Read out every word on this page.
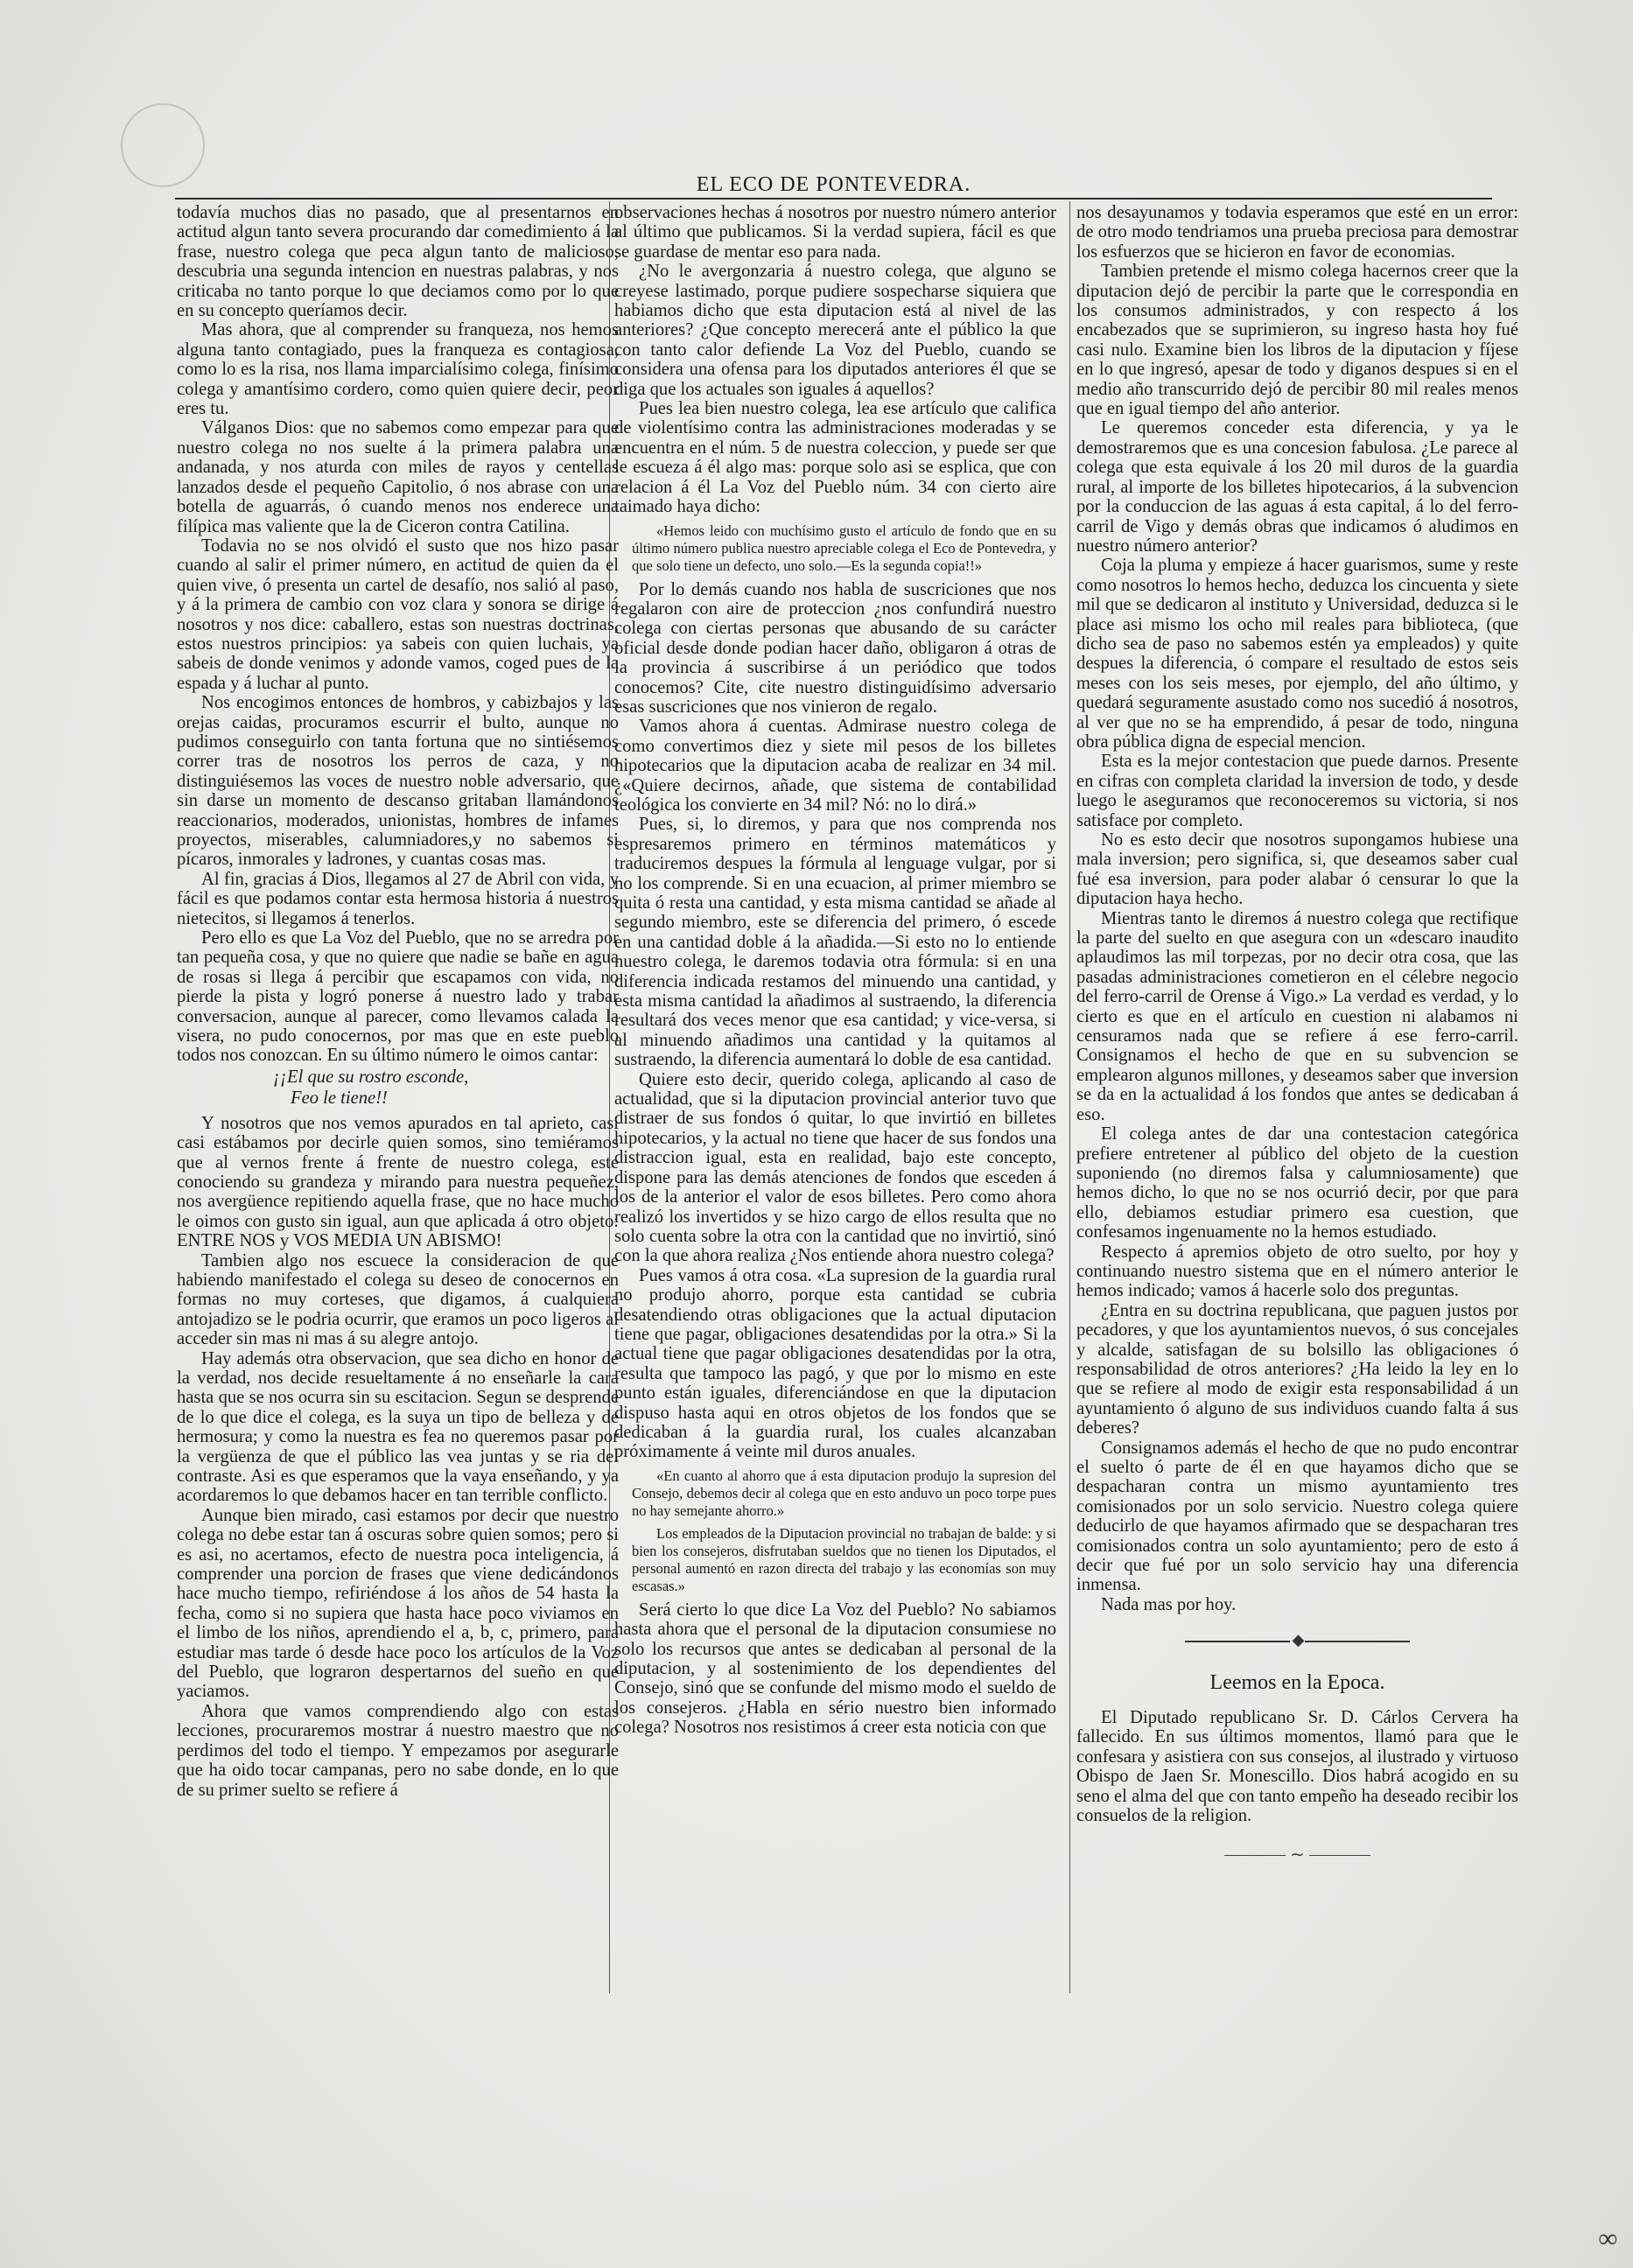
EL ECO DE PONTEVEDRA.

todavía muchos dias no pasado, que al presentarnos en actitud algun tanto severa procurando dar comedimiento á la frase, nuestro colega que peca algun tanto de malicioso, descubria una segunda intencion en nuestras palabras, y nos criticaba no tanto porque lo que deciamos como por lo que en su concepto queríamos decir.

Mas ahora, que al comprender su franqueza, nos hemos alguna tanto contagiado, pues la franqueza es contagiosa, como lo es la risa, nos llama imparcialísimo colega, finísimo colega y amantísimo cordero, como quien quiere decir, peor eres tu.

Válganos Dios: que no sabemos como empezar para que nuestro colega no nos suelte á la primera palabra una andanada, y nos aturda con miles de rayos y centellas lanzados desde el pequeño Capitolio, ó nos abrase con una botella de aguarrás, ó cuando menos nos enderece una filípica mas valiente que la de Ciceron contra Catilina.

Todavia no se nos olvidó el susto que nos hizo pasar cuando al salir el primer número, en actitud de quien da el quien vive, ó presenta un cartel de desafío, nos salió al paso, y á la primera de cambio con voz clara y sonora se dirige á nosotros y nos dice: caballero, estas son nuestras doctrinas, estos nuestros principios: ya sabeis con quien luchais, ya sabeis de donde venimos y adonde vamos, coged pues de la espada y á luchar al punto.

Nos encogimos entonces de hombros, y cabizbajos y las orejas caidas, procuramos escurrir el bulto, aunque no pudimos conseguirlo con tanta fortuna que no sintiésemos correr tras de nosotros los perros de caza, y no distinguiésemos las voces de nuestro noble adversario, que sin darse un momento de descanso gritaban llamándonos reaccionarios, moderados, unionistas, hombres de infames proyectos, miserables, calumniadores,y no sabemos si pícaros, inmorales y ladrones, y cuantas cosas mas.

Al fin, gracias á Dios, llegamos al 27 de Abril con vida, y fácil es que podamos contar esta hermosa historia á nuestros nietecitos, si llegamos á tenerlos.

Pero ello es que La Voz del Pueblo, que no se arredra por tan pequeña cosa, y que no quiere que nadie se bañe en agua de rosas si llega á percibir que escapamos con vida, no pierde la pista y logró ponerse á nuestro lado y trabar conversacion, aunque al parecer, como llevamos calada la visera, no pudo conocernos, por mas que en este pueblo todos nos conozcan. En su último número le oimos cantar:

¡¡El que su rostro esconde,

Feo le tiene!!

Y nosotros que nos vemos apurados en tal aprieto, casi casi estábamos por decirle quien somos, sino temiéramos que al vernos frente á frente de nuestro colega, este conociendo su grandeza y mirando para nuestra pequeñez, nos avergüence repitiendo aquella frase, que no hace mucho le oimos con gusto sin igual, aun que aplicada á otro objeto: ENTRE NOS y VOS MEDIA UN ABISMO!

Tambien algo nos escuece la consideracion de que habiendo manifestado el colega su deseo de conocernos en formas no muy corteses, que digamos, á cualquiera antojadizo se le podria ocurrir, que eramos un poco ligeros al acceder sin mas ni mas á su alegre antojo.

Hay además otra observacion, que sea dicho en honor de la verdad, nos decide resueltamente á no enseñarle la cara hasta que se nos ocurra sin su escitacion. Segun se desprende de lo que dice el colega, es la suya un tipo de belleza y de hermosura; y como la nuestra es fea no queremos pasar por la vergüenza de que el público las vea juntas y se ria del contraste. Asi es que esperamos que la vaya enseñando, y ya acordaremos lo que debamos hacer en tan terrible conflicto.

Aunque bien mirado, casi estamos por decir que nuestro colega no debe estar tan á oscuras sobre quien somos; pero si es asi, no acertamos, efecto de nuestra poca inteligencia, á comprender una porcion de frases que viene dedicándonos hace mucho tiempo, refiriéndose á los años de 54 hasta la fecha, como si no supiera que hasta hace poco viviamos en el limbo de los niños, aprendiendo el a, b, c, primero, para estudiar mas tarde ó desde hace poco los artículos de la Voz del Pueblo, que lograron despertarnos del sueño en que yaciamos.

Ahora que vamos comprendiendo algo con estas lecciones, procuraremos mostrar á nuestro maestro que no perdimos del todo el tiempo. Y empezamos por asegurarle que ha oido tocar campanas, pero no sabe donde, en lo que de su primer suelto se refiere á

observaciones hechas á nosotros por nuestro número anterior al último que publicamos. Si la verdad supiera, fácil es que se guardase de mentar eso para nada.

¿No le avergonzaria á nuestro colega, que alguno se creyese lastimado, porque pudiere sospecharse siquiera que habiamos dicho que esta diputacion está al nivel de las anteriores? ¿Que concepto merecerá ante el público la que con tanto calor defiende La Voz del Pueblo, cuando se considera una ofensa para los diputados anteriores él que se diga que los actuales son iguales á aquellos?

Pues lea bien nuestro colega, lea ese artículo que califica de violentísimo contra las administraciones moderadas y se encuentra en el núm. 5 de nuestra coleccion, y puede ser que le escueza á él algo mas: porque solo asi se esplica, que con relacion á él La Voz del Pueblo núm. 34 con cierto aire taimado haya dicho:

«Hemos leido con muchísimo gusto el artículo de fondo que en su último número publica nuestro apreciable colega el Eco de Pontevedra, y que solo tiene un defecto, uno solo.—Es la segunda copia!!»

Por lo demás cuando nos habla de suscriciones que nos regalaron con aire de proteccion ¿nos confundirá nuestro colega con ciertas personas que abusando de su carácter oficial desde donde podian hacer daño, obligaron á otras de la provincia á suscribirse á un periódico que todos conocemos? Cite, cite nuestro distinguidísimo adversario esas suscriciones que nos vinieron de regalo.

Vamos ahora á cuentas. Admirase nuestro colega de como convertimos diez y siete mil pesos de los billetes hipotecarios que la diputacion acaba de realizar en 34 mil. ¿«Quiere decirnos, añade, que sistema de contabilidad teológica los convierte en 34 mil? Nó: no lo dirá.»

Pues, si, lo diremos, y para que nos comprenda nos espresaremos primero en términos matemáticos y traduciremos despues la fórmula al lenguage vulgar, por si no los comprende. Si en una ecuacion, al primer miembro se quita ó resta una cantidad, y esta misma cantidad se añade al segundo miembro, este se diferencia del primero, ó escede en una cantidad doble á la añadida.—Si esto no lo entiende nuestro colega, le daremos todavia otra fórmula: si en una diferencia indicada restamos del minuendo una cantidad, y esta misma cantidad la añadimos al sustraendo, la diferencia resultará dos veces menor que esa cantidad; y vice-versa, si al minuendo añadimos una cantidad y la quitamos al sustraendo, la diferencia aumentará lo doble de esa cantidad.

Quiere esto decir, querido colega, aplicando al caso de actualidad, que si la diputacion provincial anterior tuvo que distraer de sus fondos ó quitar, lo que invirtió en billetes hipotecarios, y la actual no tiene que hacer de sus fondos una distraccion igual, esta en realidad, bajo este concepto, dispone para las demás atenciones de fondos que esceden á los de la anterior el valor de esos billetes. Pero como ahora realizó los invertidos y se hizo cargo de ellos resulta que no solo cuenta sobre la otra con la cantidad que no invirtió, sinó con la que ahora realiza ¿Nos entiende ahora nuestro colega?

Pues vamos á otra cosa. «La supresion de la guardia rural no produjo ahorro, porque esta cantidad se cubria desatendiendo otras obligaciones que la actual diputacion tiene que pagar, obligaciones desatendidas por la otra.» Si la actual tiene que pagar obligaciones desatendidas por la otra, resulta que tampoco las pagó, y que por lo mismo en este punto están iguales, diferenciándose en que la diputacion dispuso hasta aqui en otros objetos de los fondos que se dedicaban á la guardia rural, los cuales alcanzaban próximamente á veinte mil duros anuales.

«En cuanto al ahorro que á esta diputacion produjo la supresion del Consejo, debemos decir al colega que en esto anduvo un poco torpe pues no hay semejante ahorro.»

Los empleados de la Diputacion provincial no trabajan de balde: y si bien los consejeros, disfrutaban sueldos que no tienen los Diputados, el personal aumentó en razon directa del trabajo y las economías son muy escasas.»

Será cierto lo que dice La Voz del Pueblo? No sabiamos hasta ahora que el personal de la diputacion consumiese no solo los recursos que antes se dedicaban al personal de la diputacion, y al sostenimiento de los dependientes del Consejo, sinó que se confunde del mismo modo el sueldo de los consejeros. ¿Habla en sério nuestro bien informado colega? Nosotros nos resistimos á creer esta noticia con que

nos desayunamos y todavia esperamos que esté en un error: de otro modo tendriamos una prueba preciosa para demostrar los esfuerzos que se hicieron en favor de economias.

Tambien pretende el mismo colega hacernos creer que la diputacion dejó de percibir la parte que le correspondia en los consumos administrados, y con respecto á los encabezados que se suprimieron, su ingreso hasta hoy fué casi nulo. Examine bien los libros de la diputacion y fíjese en lo que ingresó, apesar de todo y diganos despues si en el medio año transcurrido dejó de percibir 80 mil reales menos que en igual tiempo del año anterior.

Le queremos conceder esta diferencia, y ya le demostraremos que es una concesion fabulosa. ¿Le parece al colega que esta equivale á los 20 mil duros de la guardia rural, al importe de los billetes hipotecarios, á la subvencion por la conduccion de las aguas á esta capital, á lo del ferro-carril de Vigo y demás obras que indicamos ó aludimos en nuestro número anterior?

Coja la pluma y empieze á hacer guarismos, sume y reste como nosotros lo hemos hecho, deduzca los cincuenta y siete mil que se dedicaron al instituto y Universidad, deduzca si le place asi mismo los ocho mil reales para biblioteca, (que dicho sea de paso no sabemos estén ya empleados) y quite despues la diferencia, ó compare el resultado de estos seis meses con los seis meses, por ejemplo, del año último, y quedará seguramente asustado como nos sucedió á nosotros, al ver que no se ha emprendido, á pesar de todo, ninguna obra pública digna de especial mencion.

Esta es la mejor contestacion que puede darnos. Presente en cifras con completa claridad la inversion de todo, y desde luego le aseguramos que reconoceremos su victoria, si nos satisface por completo.

No es esto decir que nosotros supongamos hubiese una mala inversion; pero significa, si, que deseamos saber cual fué esa inversion, para poder alabar ó censurar lo que la diputacion haya hecho.

Mientras tanto le diremos á nuestro colega que rectifique la parte del suelto en que asegura con un «descaro inaudito aplaudimos las mil torpezas, por no decir otra cosa, que las pasadas administraciones cometieron en el célebre negocio del ferro-carril de Orense á Vigo.» La verdad es verdad, y lo cierto es que en el artículo en cuestion ni alabamos ni censuramos nada que se refiere á ese ferro-carril. Consignamos el hecho de que en su subvencion se emplearon algunos millones, y deseamos saber que inversion se da en la actualidad á los fondos que antes se dedicaban á eso.

El colega antes de dar una contestacion categórica prefiere entretener al público del objeto de la cuestion suponiendo (no diremos falsa y calumniosamente) que hemos dicho, lo que no se nos ocurrió decir, por que para ello, debiamos estudiar primero esa cuestion, que confesamos ingenuamente no la hemos estudiado.

Respecto á apremios objeto de otro suelto, por hoy y continuando nuestro sistema que en el número anterior le hemos indicado; vamos á hacerle solo dos preguntas.

¿Entra en su doctrina republicana, que paguen justos por pecadores, y que los ayuntamientos nuevos, ó sus concejales y alcalde, satisfagan de su bolsillo las obligaciones ó responsabilidad de otros anteriores? ¿Ha leido la ley en lo que se refiere al modo de exigir esta responsabilidad á un ayuntamiento ó alguno de sus individuos cuando falta á sus deberes?

Consignamos además el hecho de que no pudo encontrar el suelto ó parte de él en que hayamos dicho que se despacharan contra un mismo ayuntamiento tres comisionados por un solo servicio. Nuestro colega quiere deducirlo de que hayamos afirmado que se despacharan tres comisionados contra un solo ayuntamiento; pero de esto á decir que fué por un solo servicio hay una diferencia inmensa.

Nada mas por hoy.

◆
Leemos en la Epoca.

El Diputado republicano Sr. D. Cárlos Cervera ha fallecido. En sus últimos momentos, llamó para que le confesara y asistiera con sus consejos, al ilustrado y virtuoso Obispo de Jaen Sr. Monescillo. Dios habrá acogido en su seno el alma del que con tanto empeño ha deseado recibir los consuelos de la religion.

∼
∞
